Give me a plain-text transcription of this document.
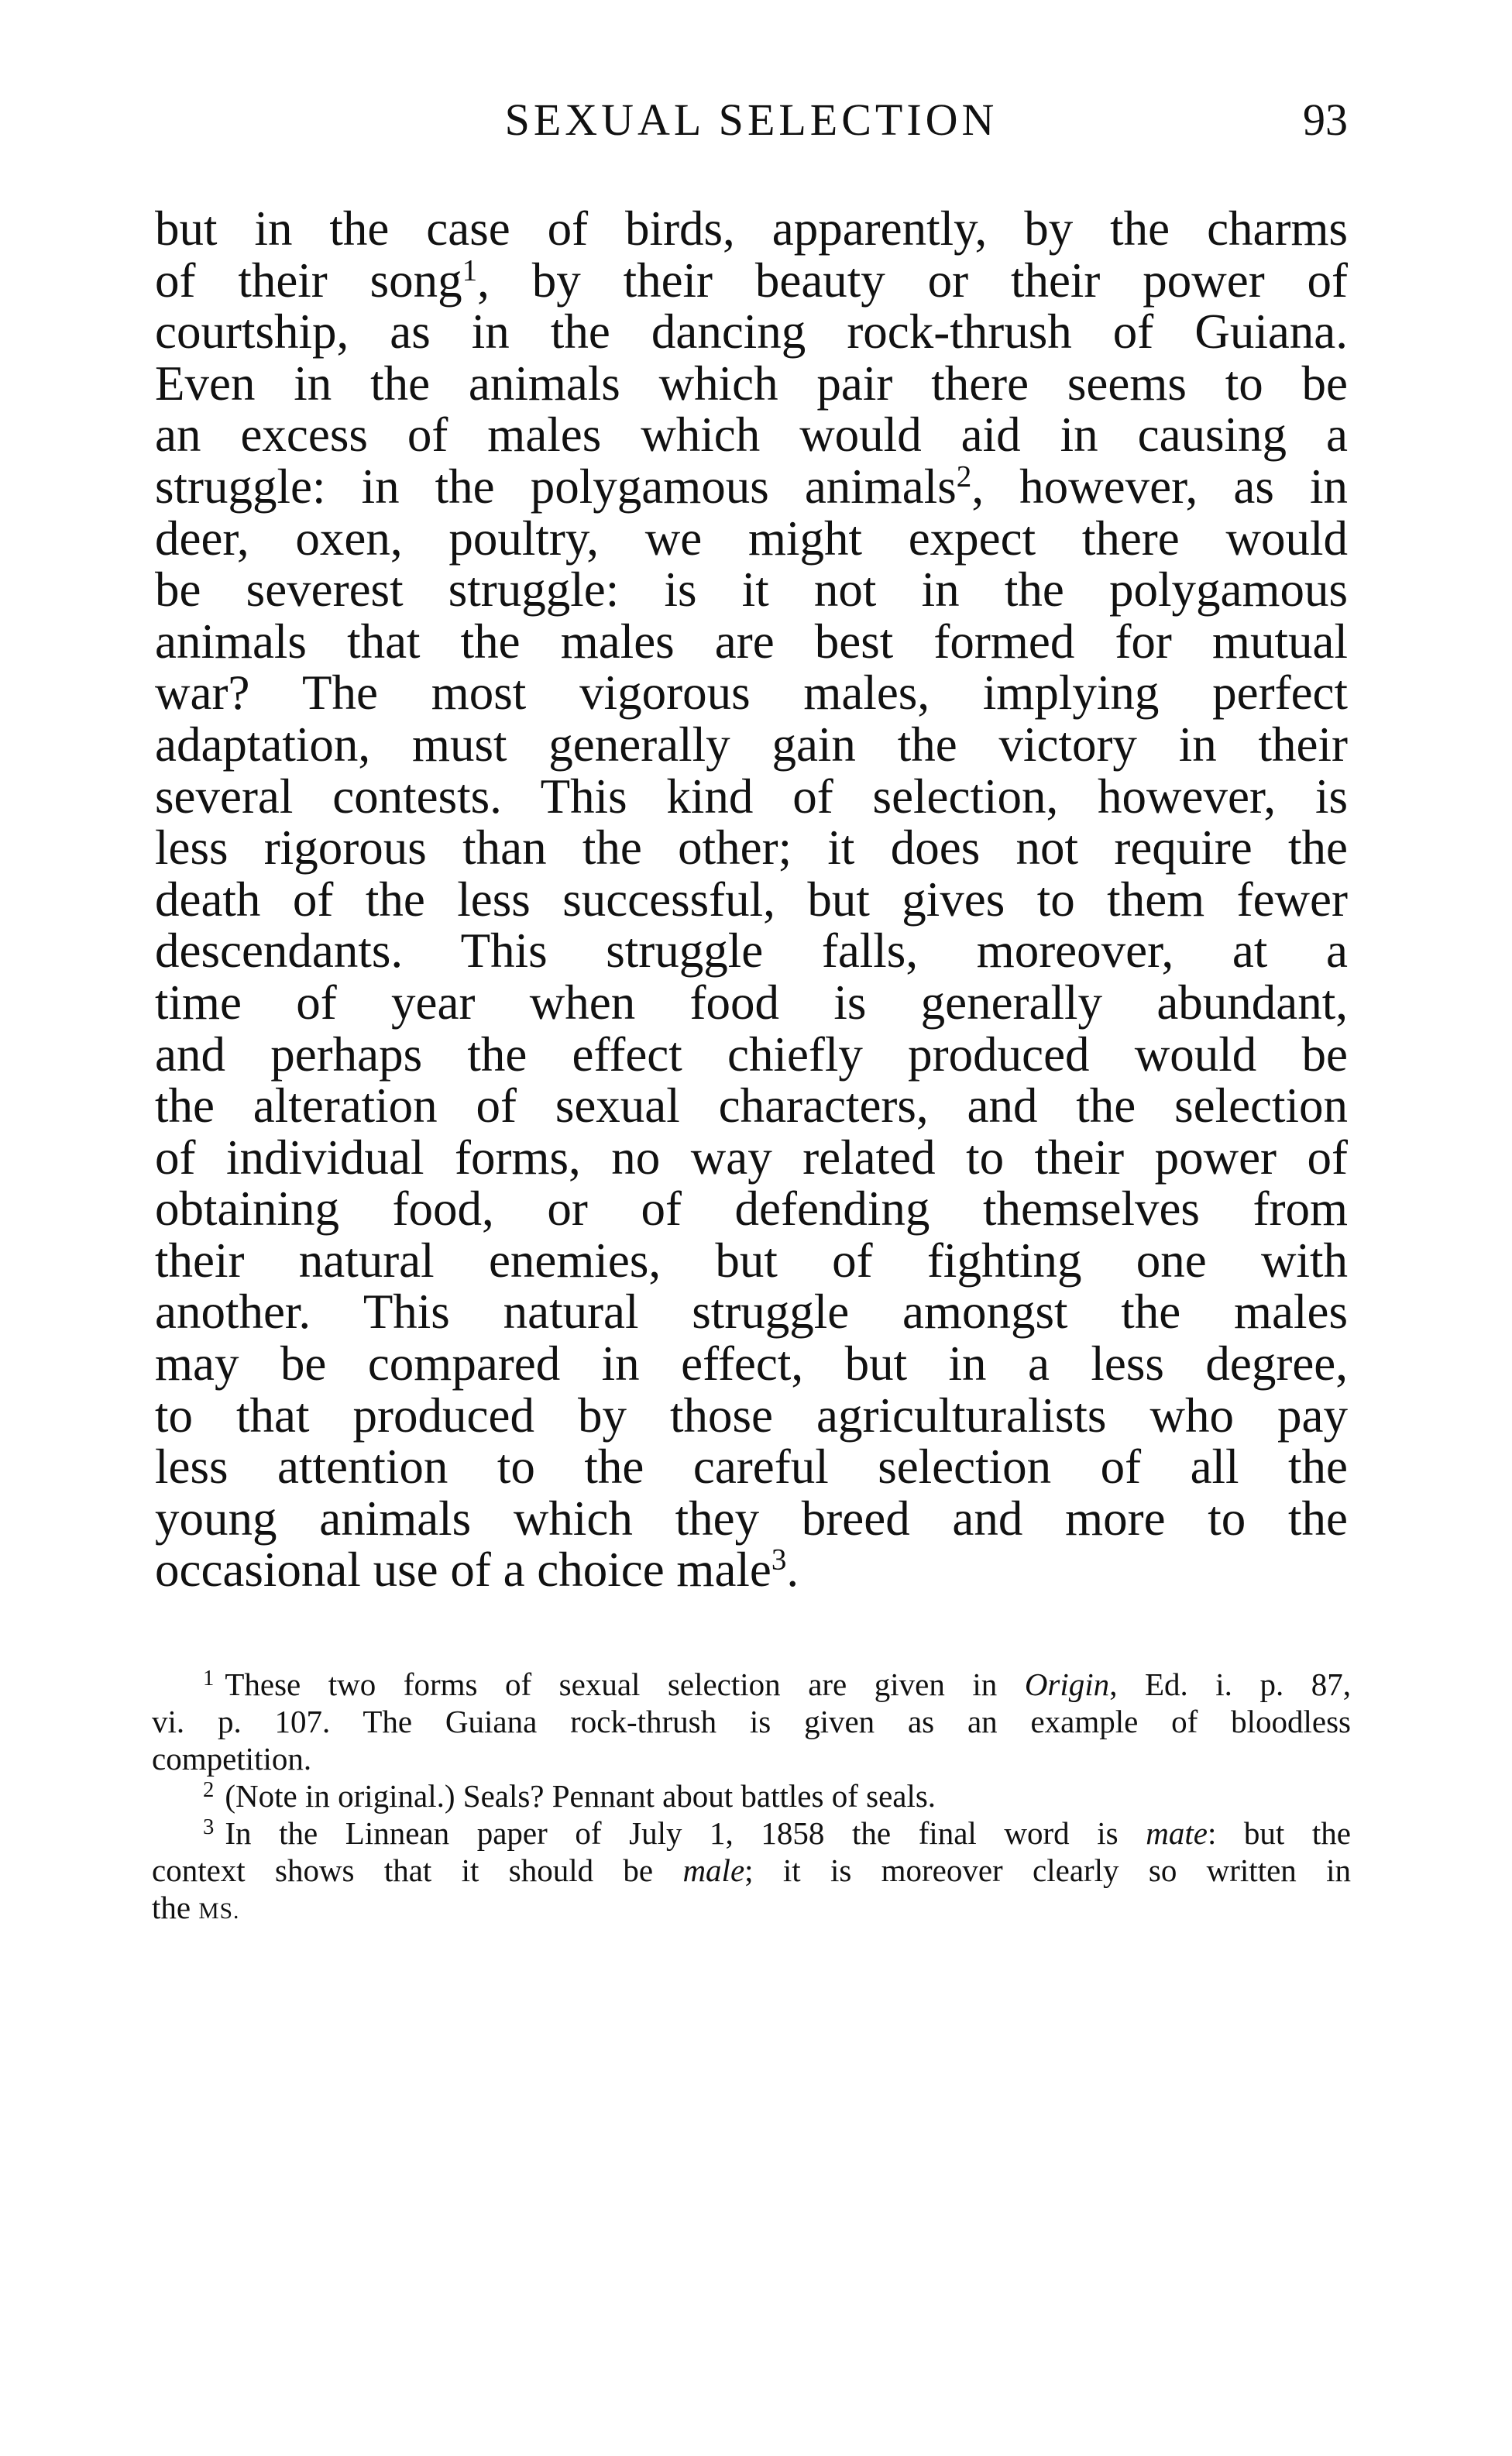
SEXUAL SELECTION	93
but in the case of birds, apparently, by the charms
of their song$^1$, by their beauty or their power of
courtship, as in the dancing rock-thrush of Guiana.
Even in the animals which pair there seems to be
an excess of males which would aid in causing a
struggle: in the polygamous animals$^2$, however, as in
deer, oxen, poultry, we might expect there would
be severest struggle: is it not in the polygamous
animals that the males are best formed for mutual
war? The most vigorous males, implying perfect
adaptation, must generally gain the victory in their
several contests. This kind of selection, however, is
less rigorous than the other; it does not require the
death of the less successful, but gives to them fewer
descendants. This struggle falls, moreover, at a
time of year when food is generally abundant,
and perhaps the effect chiefly produced would be
the alteration of sexual characters, and the selection
of individual forms, no way related to their power of
obtaining food, or of defending themselves from
their natural enemies, but of fighting one with
another. This natural struggle amongst the males
may be compared in effect, but in a less degree,
to that produced by those agriculturalists who pay
less attention to the careful selection of all the
young animals which they breed and more to the
occasional use of a choice male$^3$.
$^1$ These two forms of sexual selection are given in Origin, Ed. i. p. 87,
vi. p. 107. The Guiana rock-thrush is given as an example of bloodless
competition.
$^2$ (Note in original.) Seals? Pennant about battles of seals.
$^3$ In the Linnean paper of July 1, 1858 the final word is mate: but the
context shows that it should be male; it is moreover clearly so written in
the MS.
